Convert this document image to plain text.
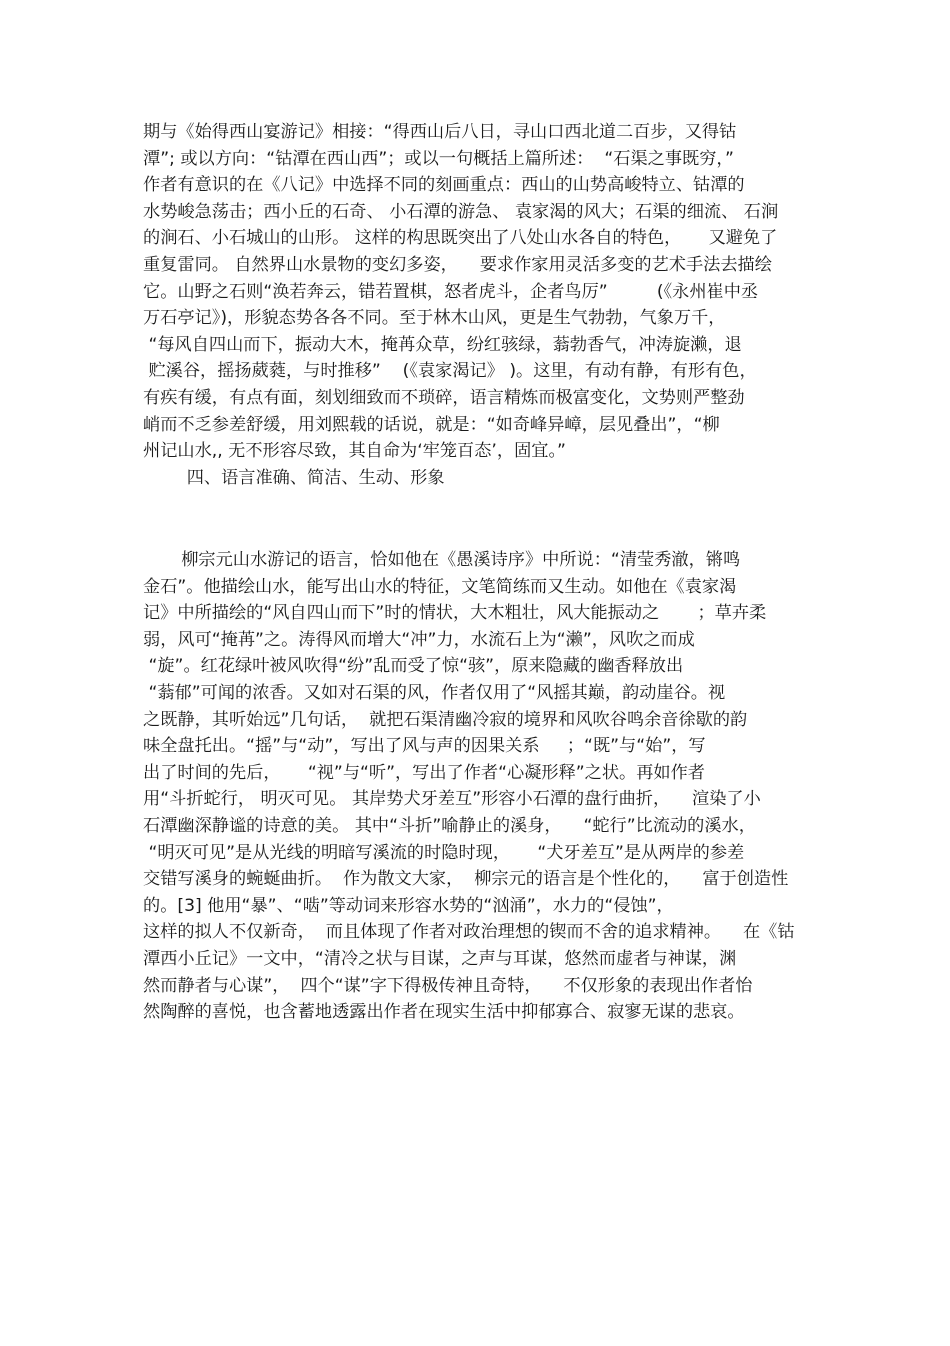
期与《始得西山宴游记》相接：“得西山后八日，寻山口西北道二百步，又得钴
潭”; 或以方向：“钴潭在西山西”；或以一句概括上篇所述：  “石渠之事既穷，”
作者有意识的在《八记》中选择不同的刻画重点：西山的山势高峻特立、钴潭的
水势峻急荡击；西小丘的石奇、 小石潭的游急、 袁家渴的风大；石渠的细流、 石涧
的涧石、小石城山的山形。 这样的构思既突出了八处山水各自的特色，     又避免了
重复雷同。 自然界山水景物的变幻多姿，    要求作家用灵活多变的艺术手法去描绘
它。山野之石则“涣若奔云，错若置棋，怒者虎斗，企者鸟厉”         (《永州崔中丞
万石亭记》)，形貌态势各各不同。至于林木山风，更是生气勃勃，气象万千，
“每风自四山而下，振动大木，掩苒众草，纷红骇绿，蓊勃香气，冲涛旋濑，退
贮溪谷，摇扬葳蕤，与时推移”    (《袁家渴记》 )。这里，有动有静，有形有色，
有疾有缓，有点有面，刻划细致而不琐碎，语言精炼而极富变化，文势则严整劲
峭而不乏参差舒缓，用刘熙载的话说，就是：“如奇峰异嶂，层见叠出”，“柳
州记山水,, 无不形容尽致，其自命为‘牢笼百态’，固宜。”
四、语言准确、简洁、生动、形象
柳宗元山水游记的语言，恰如他在《愚溪诗序》中所说：“清莹秀澈，锵鸣
金石”。他描绘山水，能写出山水的特征，文笔简练而又生动。如他在《袁家渴
记》中所描绘的“风自四山而下”时的情状，大木粗壮，风大能振动之       ；草卉柔
弱，风可“掩苒”之。涛得风而增大“冲”力，水流石上为“濑”，风吹之而成
“旋”。红花绿叶被风吹得“纷”乱而受了惊“骇”，原来隐藏的幽香释放出
“蓊郁”可闻的浓香。又如对石渠的风，作者仅用了“风摇其巅，韵动崖谷。视
之既静，其听始远”几句话，  就把石渠清幽冷寂的境界和风吹谷鸣余音徐歇的韵
味全盘托出。“摇”与“动”，写出了风与声的因果关系     ；“既”与“始”，写
出了时间的先后，     “视”与“听”，写出了作者“心凝形释”之状。再如作者
用“斗折蛇行， 明灭可见。 其岸势犬牙差互”形容小石潭的盘行曲折，    渲染了小
石潭幽深静谧的诗意的美。 其中“斗折”喻静止的溪身，    “蛇行”比流动的溪水，
“明灭可见”是从光线的明暗写溪流的时隐时现，     “犬牙差互”是从两岸的参差
交错写溪身的蜿蜒曲折。  作为散文大家，  柳宗元的语言是个性化的，    富于创造性
的。[3] 他用“暴”、“啮”等动词来形容水势的“汹涌”，水力的“侵蚀”，
这样的拟人不仅新奇，  而且体现了作者对政治理想的锲而不舍的追求精神。    在《钴
潭西小丘记》一文中，“清冷之状与目谋，之声与耳谋，悠然而虚者与神谋，渊
然而静者与心谋”，  四个“谋”字下得极传神且奇特，    不仅形象的表现出作者怡
然陶醉的喜悦，也含蓄地透露出作者在现实生活中抑郁寡合、寂寥无谋的悲哀。
